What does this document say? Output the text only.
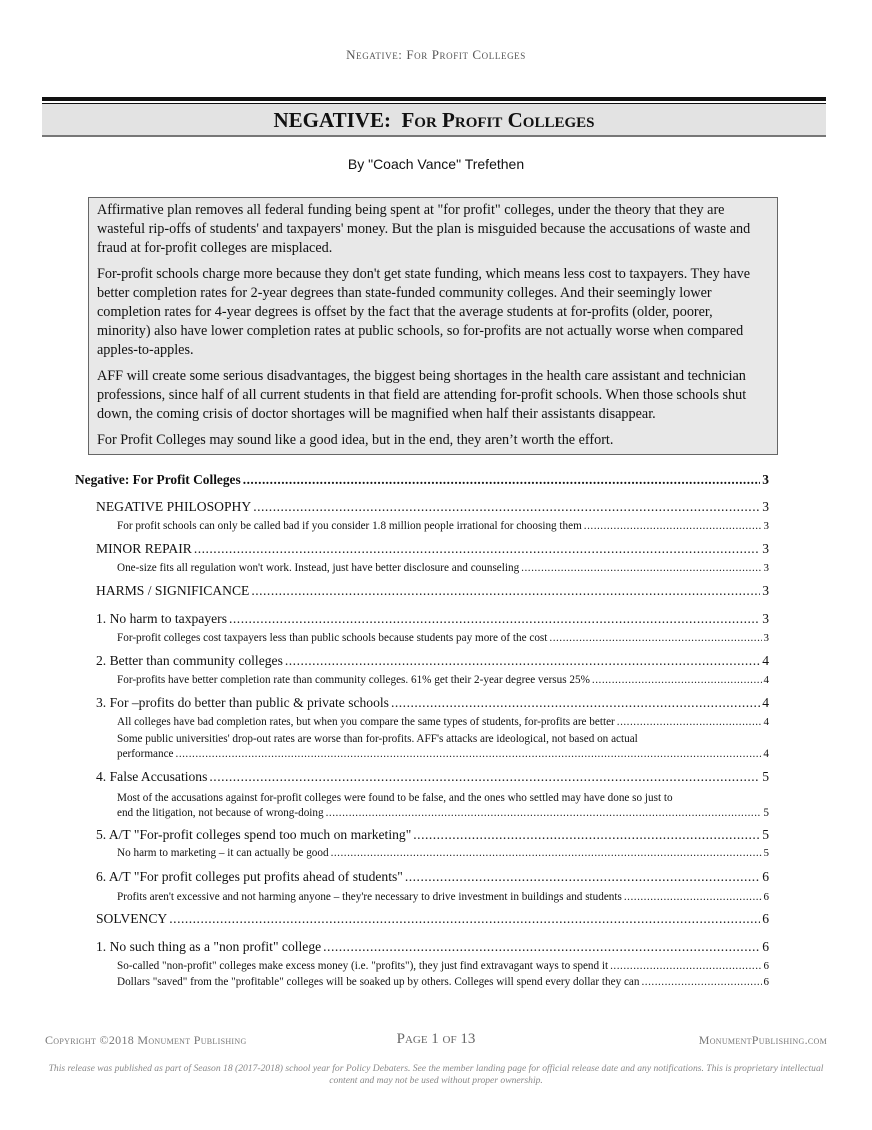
Negative: For Profit Colleges
NEGATIVE: For Profit Colleges
By "Coach Vance" Trefethen

Affirmative plan removes all federal funding being spent at "for profit" colleges, under the theory that they are wasteful rip-offs of students' and taxpayers' money. But the plan is misguided because the accusations of waste and fraud at for-profit colleges are misplaced.

For-profit schools charge more because they don't get state funding, which means less cost to taxpayers. They have better completion rates for 2-year degrees than state-funded community colleges. And their seemingly lower completion rates for 4-year degrees is offset by the fact that the average students at for-profits (older, poorer, minority) also have lower completion rates at public schools, so for-profits are not actually worse when compared apples-to-apples.

AFF will create some serious disadvantages, the biggest being shortages in the health care assistant and technician professions, since half of all current students in that field are attending for-profit schools. When those schools shut down, the coming crisis of doctor shortages will be magnified when half their assistants disappear.

For Profit Colleges may sound like a good idea, but in the end, they aren’t worth the effort.

Negative: For Profit Colleges .....	3
NEGATIVE PHILOSOPHY .....	3
For profit schools can only be called bad if you consider 1.8 million people irrational for choosing them .....	3
MINOR REPAIR .....	3
One-size fits all regulation won't work. Instead, just have better disclosure and counseling .....	3
HARMS / SIGNIFICANCE .....	3
1. No harm to taxpayers .....	3
For-profit colleges cost taxpayers less than public schools because students pay more of the cost .....	3
2. Better than community colleges .....	4
For-profits have better completion rate than community colleges. 61% get their 2-year degree versus 25% .....	4
3. For –profits do better than public & private schools .....	4
All colleges have bad completion rates, but when you compare the same types of students, for-profits are better .....	4
Some public universities' drop-out rates are worse than for-profits. AFF's attacks are ideological, not based on actual
performance .....	4
4. False Accusations .....	5
Most of the accusations against for-profit colleges were found to be false, and the ones who settled may have done so just to
end the litigation, not because of wrong-doing .....	5
5. A/T "For-profit colleges spend too much on marketing" .....	5
No harm to marketing – it can actually be good .....	5
6. A/T "For profit colleges put profits ahead of students" .....	6
Profits aren't excessive and not harming anyone – they're necessary to drive investment in buildings and students .....	6
SOLVENCY .....	6
1. No such thing as a "non profit" college .....	6
So-called "non-profit" colleges make excess money (i.e. "profits"), they just find extravagant ways to spend it .....	6
Dollars "saved" from the "profitable" colleges will be soaked up by others. Colleges will spend every dollar they can .....	6
Copyright ©2018 Monument Publishing	Page 1 of 13	MonumentPublishing.com
This release was published as part of Season 18 (2017-2018) school year for Policy Debaters. See the member landing page for official release date and any notifications. This is proprietary intellectual content and may not be used without proper ownership.
